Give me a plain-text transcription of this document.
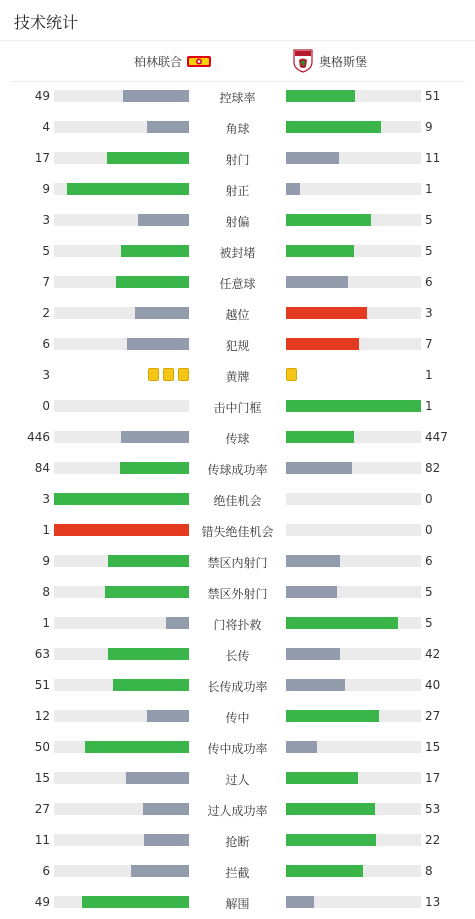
技术统计
柏林联合	奥格斯堡
49	控球率	51
4	角球	9
17	射门	11
9	射正	1
3	射偏	5
5	被封堵	5
7	任意球	6
2	越位	3
6	犯规	7
3	黄牌	1
0	击中门框	1
446	传球	447
84	传球成功率	82
3	绝佳机会	0
1	错失绝佳机会	0
9	禁区内射门	6
8	禁区外射门	5
1	门将扑救	5
63	长传	42
51	长传成功率	40
12	传中	27
50	传中成功率	15
15	过人	17
27	过人成功率	53
11	抢断	22
6	拦截	8
49	解围	13
